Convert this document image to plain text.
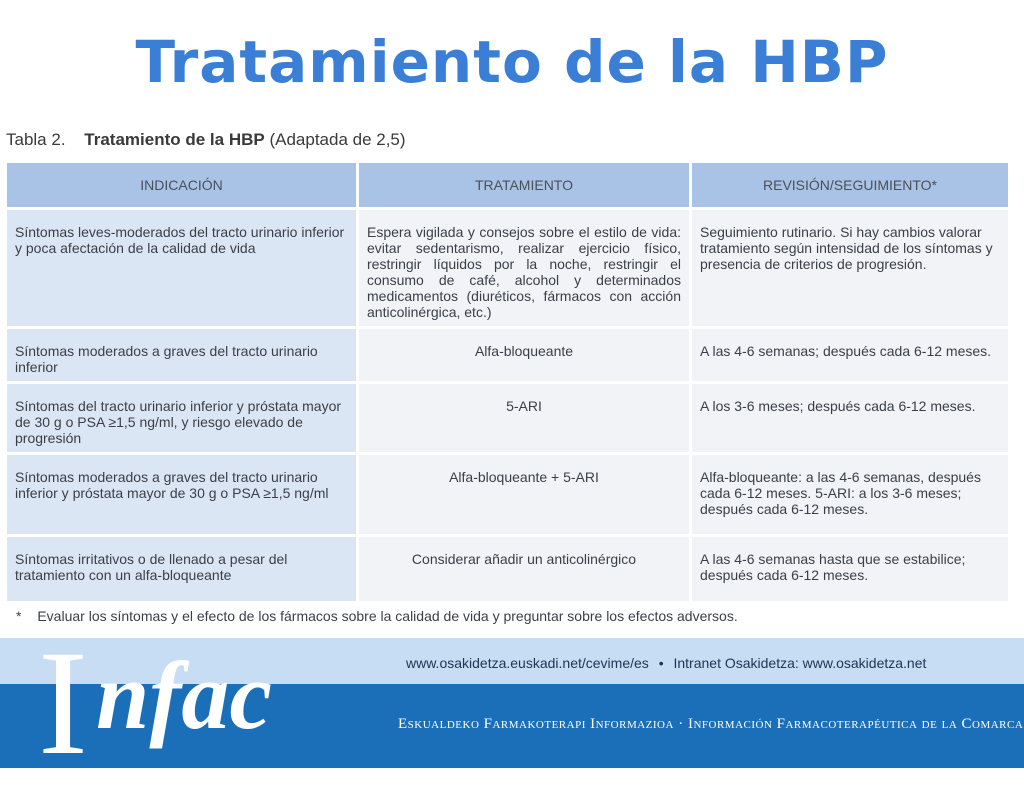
Tratamiento de la HBP
Tabla 2. Tratamiento de la HBP (Adaptada de 2,5)
INDICACIÓN	TRATAMIENTO	REVISIÓN/SEGUIMIENTO*
Síntomas leves-moderados del tracto urinario inferior y poca afectación de la calidad de vida	Espera vigilada y consejos sobre el estilo de vida: evitar sedentarismo, realizar ejercicio físico, restringir líquidos por la noche, restringir el consumo de café, alcohol y determinados medicamentos (diuréticos, fármacos con acción anticolinérgica, etc.)	Seguimiento rutinario. Si hay cambios valorar tratamiento según intensidad de los síntomas y presencia de criterios de progresión.
Síntomas moderados a graves del tracto urinario inferior	Alfa-bloqueante	A las 4-6 semanas; después cada 6-12 meses.
Síntomas del tracto urinario inferior y próstata mayor de 30 g o PSA ≥1,5 ng/ml, y riesgo elevado de progresión	5-ARI	A los 3-6 meses; después cada 6-12 meses.
Síntomas moderados a graves del tracto urinario inferior y próstata mayor de 30 g o PSA ≥1,5 ng/ml	Alfa-bloqueante + 5-ARI	Alfa-bloqueante: a las 4-6 semanas, después cada 6-12 meses. 5-ARI: a los 3-6 meses; después cada 6-12 meses.
Síntomas irritativos o de llenado a pesar del tratamiento con un alfa-bloqueante	Considerar añadir un anticolinérgico	A las 4-6 semanas hasta que se estabilice; después cada 6-12 meses.
* Evaluar los síntomas y el efecto de los fármacos sobre la calidad de vida y preguntar sobre los efectos adversos.
www.osakidetza.euskadi.net/cevime/es • Intranet Osakidetza: www.osakidetza.net
Eskualdeko Farmakoterapi Informazioa · Información Farmacoterapéutica de la Comarca
I nfac
